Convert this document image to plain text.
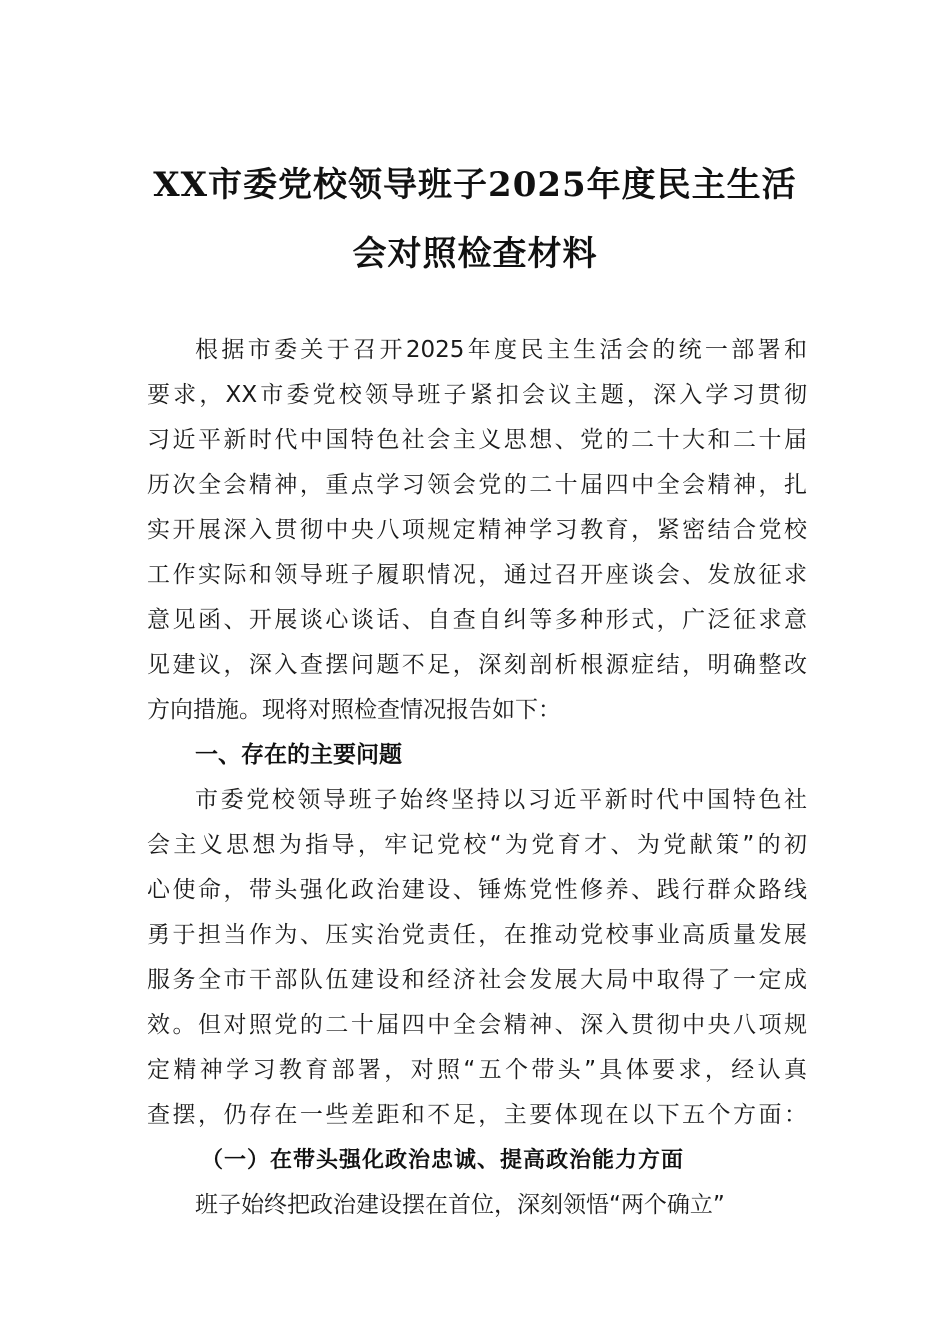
XX市委党校领导班子2025年度民主生活
会对照检查材料
根据市委关于召开2025年度民主生活会的统一部署和
要求，XX市委党校领导班子紧扣会议主题，深入学习贯彻
习近平新时代中国特色社会主义思想、党的二十大和二十届
历次全会精神，重点学习领会党的二十届四中全会精神，扎
实开展深入贯彻中央八项规定精神学习教育，紧密结合党校
工作实际和领导班子履职情况，通过召开座谈会、发放征求
意见函、开展谈心谈话、自查自纠等多种形式，广泛征求意
见建议，深入查摆问题不足，深刻剖析根源症结，明确整改
方向措施。现将对照检查情况报告如下：
一、存在的主要问题
市委党校领导班子始终坚持以习近平新时代中国特色社
会主义思想为指导，牢记党校“为党育才、为党献策”的初
心使命，带头强化政治建设、锤炼党性修养、践行群众路线
勇于担当作为、压实治党责任，在推动党校事业高质量发展
服务全市干部队伍建设和经济社会发展大局中取得了一定成
效。但对照党的二十届四中全会精神、深入贯彻中央八项规
定精神学习教育部署，对照“五个带头”具体要求，经认真
查摆，仍存在一些差距和不足，主要体现在以下五个方面：
（一）在带头强化政治忠诚、提高政治能力方面
班子始终把政治建设摆在首位，深刻领悟“两个确立”
